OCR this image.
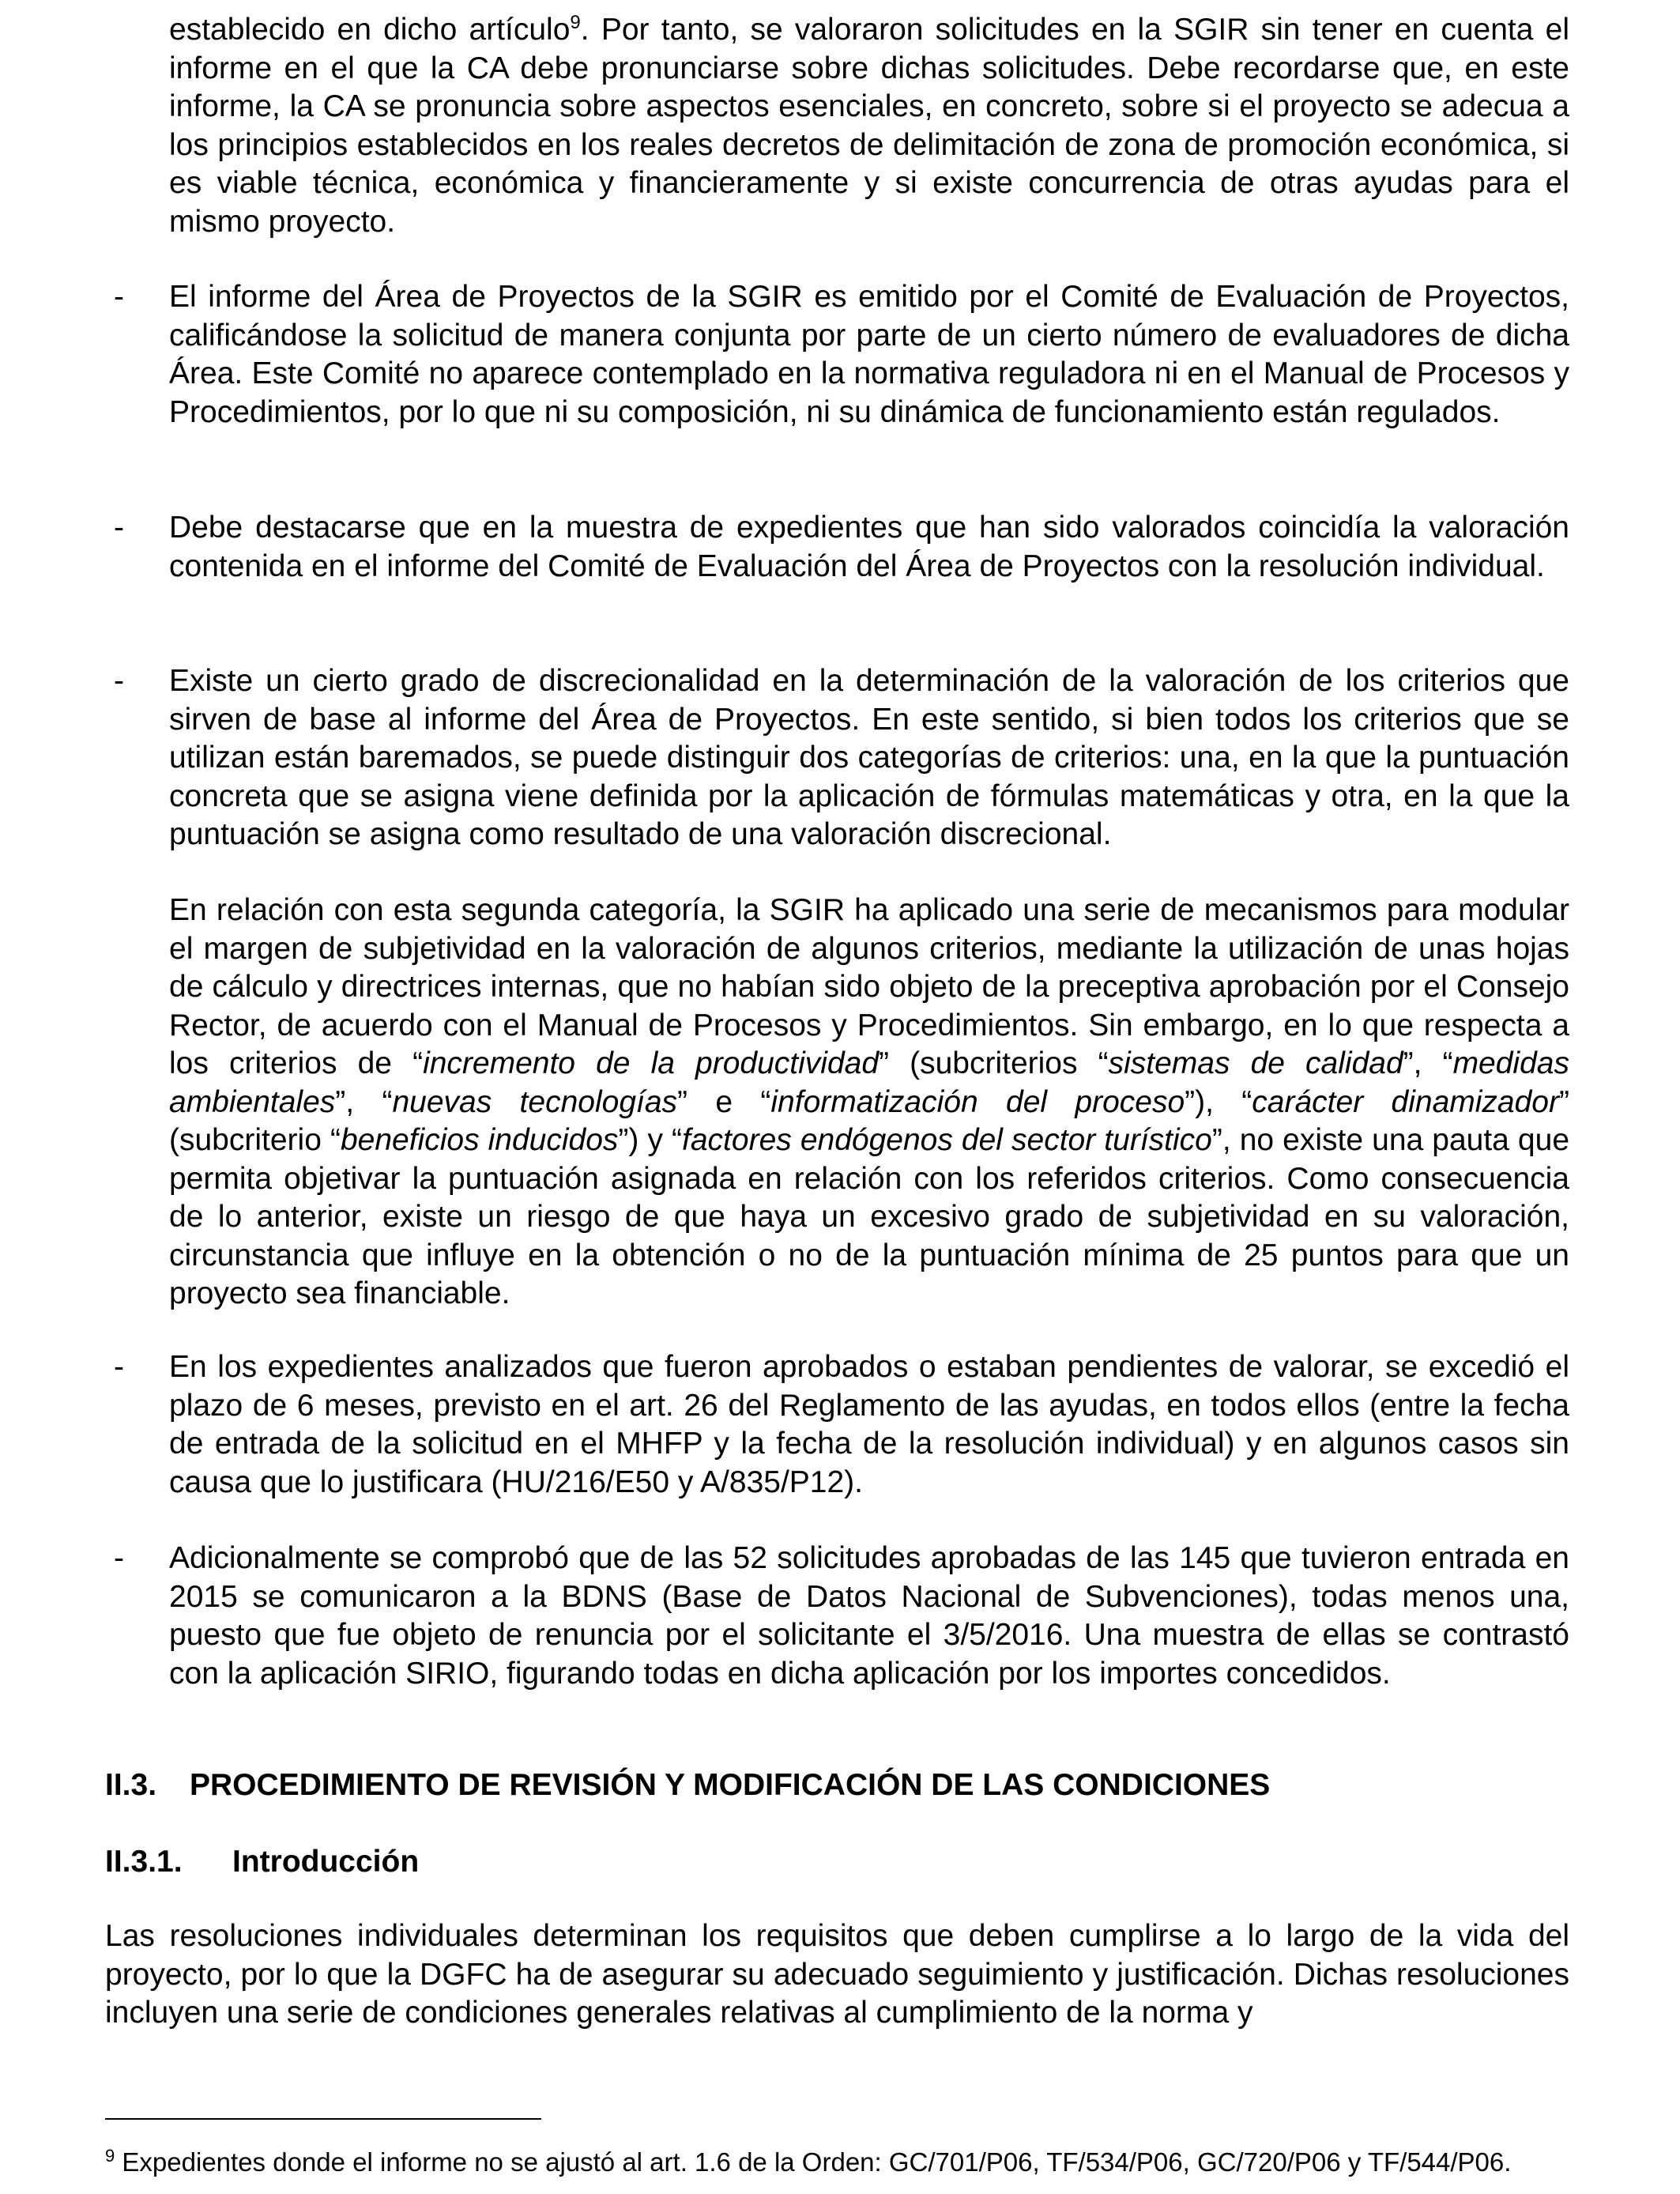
establecido en dicho artículo$^9$. Por tanto, se valoraron solicitudes en la SGIR sin tener en cuenta el informe en el que la CA debe pronunciarse sobre dichas solicitudes. Debe recordarse que, en este informe, la CA se pronuncia sobre aspectos esenciales, en concreto, sobre si el proyecto se adecua a los principios establecidos en los reales decretos de delimitación de zona de promoción económica, si es viable técnica, económica y financieramente y si existe concurrencia de otras ayudas para el mismo proyecto.

- El informe del Área de Proyectos de la SGIR es emitido por el Comité de Evaluación de Proyectos, calificándose la solicitud de manera conjunta por parte de un cierto número de evaluadores de dicha Área. Este Comité no aparece contemplado en la normativa reguladora ni en el Manual de Procesos y Procedimientos, por lo que ni su composición, ni su dinámica de funcionamiento están regulados.

- Debe destacarse que en la muestra de expedientes que han sido valorados coincidía la valoración contenida en el informe del Comité de Evaluación del Área de Proyectos con la resolución individual.

- Existe un cierto grado de discrecionalidad en la determinación de la valoración de los criterios que sirven de base al informe del Área de Proyectos. En este sentido, si bien todos los criterios que se utilizan están baremados, se puede distinguir dos categorías de criterios: una, en la que la puntuación concreta que se asigna viene definida por la aplicación de fórmulas matemáticas y otra, en la que la puntuación se asigna como resultado de una valoración discrecional.

En relación con esta segunda categoría, la SGIR ha aplicado una serie de mecanismos para modular el margen de subjetividad en la valoración de algunos criterios, mediante la utilización de unas hojas de cálculo y directrices internas, que no habían sido objeto de la preceptiva aprobación por el Consejo Rector, de acuerdo con el Manual de Procesos y Procedimientos. Sin embargo, en lo que respecta a los criterios de “incremento de la productividad” (subcriterios “sistemas de calidad”, “medidas ambientales”, “nuevas tecnologías” e “informatización del proceso”), “carácter dinamizador” (subcriterio “beneficios inducidos”) y “factores endógenos del sector turístico”, no existe una pauta que permita objetivar la puntuación asignada en relación con los referidos criterios. Como consecuencia de lo anterior, existe un riesgo de que haya un excesivo grado de subjetividad en su valoración, circunstancia que influye en la obtención o no de la puntuación mínima de 25 puntos para que un proyecto sea financiable.

- En los expedientes analizados que fueron aprobados o estaban pendientes de valorar, se excedió el plazo de 6 meses, previsto en el art. 26 del Reglamento de las ayudas, en todos ellos (entre la fecha de entrada de la solicitud en el MHFP y la fecha de la resolución individual) y en algunos casos sin causa que lo justificara (HU/216/E50 y A/835/P12).

- Adicionalmente se comprobó que de las 52 solicitudes aprobadas de las 145 que tuvieron entrada en 2015 se comunicaron a la BDNS (Base de Datos Nacional de Subvenciones), todas menos una, puesto que fue objeto de renuncia por el solicitante el 3/5/2016. Una muestra de ellas se contrastó con la aplicación SIRIO, figurando todas en dicha aplicación por los importes concedidos.

II.3. PROCEDIMIENTO DE REVISIÓN Y MODIFICACIÓN DE LAS CONDICIONES
II.3.1. Introducción

Las resoluciones individuales determinan los requisitos que deben cumplirse a lo largo de la vida del proyecto, por lo que la DGFC ha de asegurar su adecuado seguimiento y justificación. Dichas resoluciones incluyen una serie de condiciones generales relativas al cumplimiento de la norma y

$^9$ Expedientes donde el informe no se ajustó al art. 1.6 de la Orden: GC/701/P06, TF/534/P06, GC/720/P06 y TF/544/P06.
